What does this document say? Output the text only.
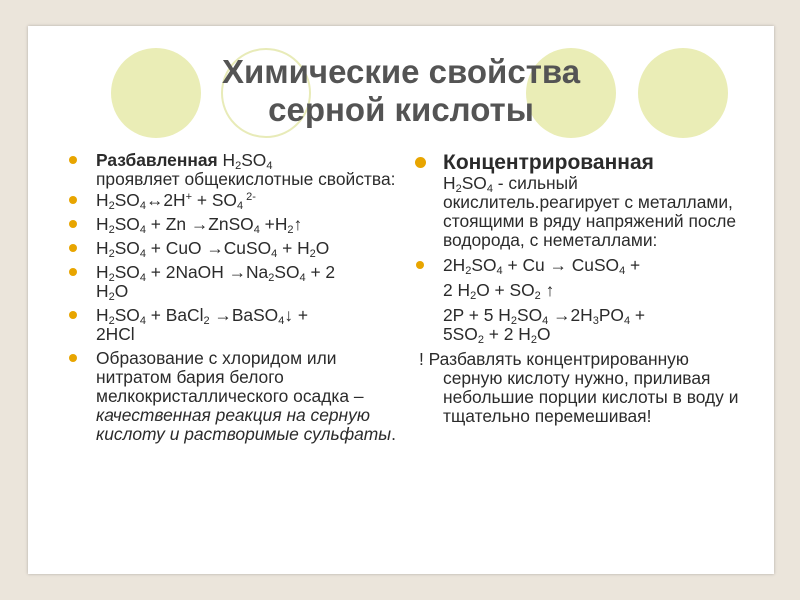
Химические свойства
серной кислоты
Разбавленная $H_2SO_4$
проявляет общекислотные свойства:
$H_2SO_4\leftrightarrow 2H^+ + SO_4$ $^{2-}$
$H_2SO_4 + Zn$ →ZnSO$_4$ $+H_2↑$
$H_2SO_4$ + CuO →CuSO$_4$ + $H_2O$
$H_2SO_4$ + 2NaOH $\to Na_2SO_4 + 2$
$H_2O$
$H_2SO_4$ + BaCl$_2$ →BaSO$_4$↓ +
2HCl
Образование с хлоридом или нитратом бария белого мелкокристаллического осадка – качественная реакция на серную кислоту и растворимые сульфаты.
Концентрированная
$H_2SO_4$ - сильный окислитель.реагирует с металлами, стоящими в ряду напряжений после водорода, с неметаллами:
$2H_2SO_4 + Cu$ → CuSO$_4$ +
2 $H_2O + SO_2$ ↑
2P + 5 $H_2SO_4 \to 2H_3PO_4$ +
$5SO_2 + 2$ $H_2O$
! Разбавлять концентрированную серную кислоту нужно, приливая небольшие порции кислоты в воду и тщательно перемешивая!
